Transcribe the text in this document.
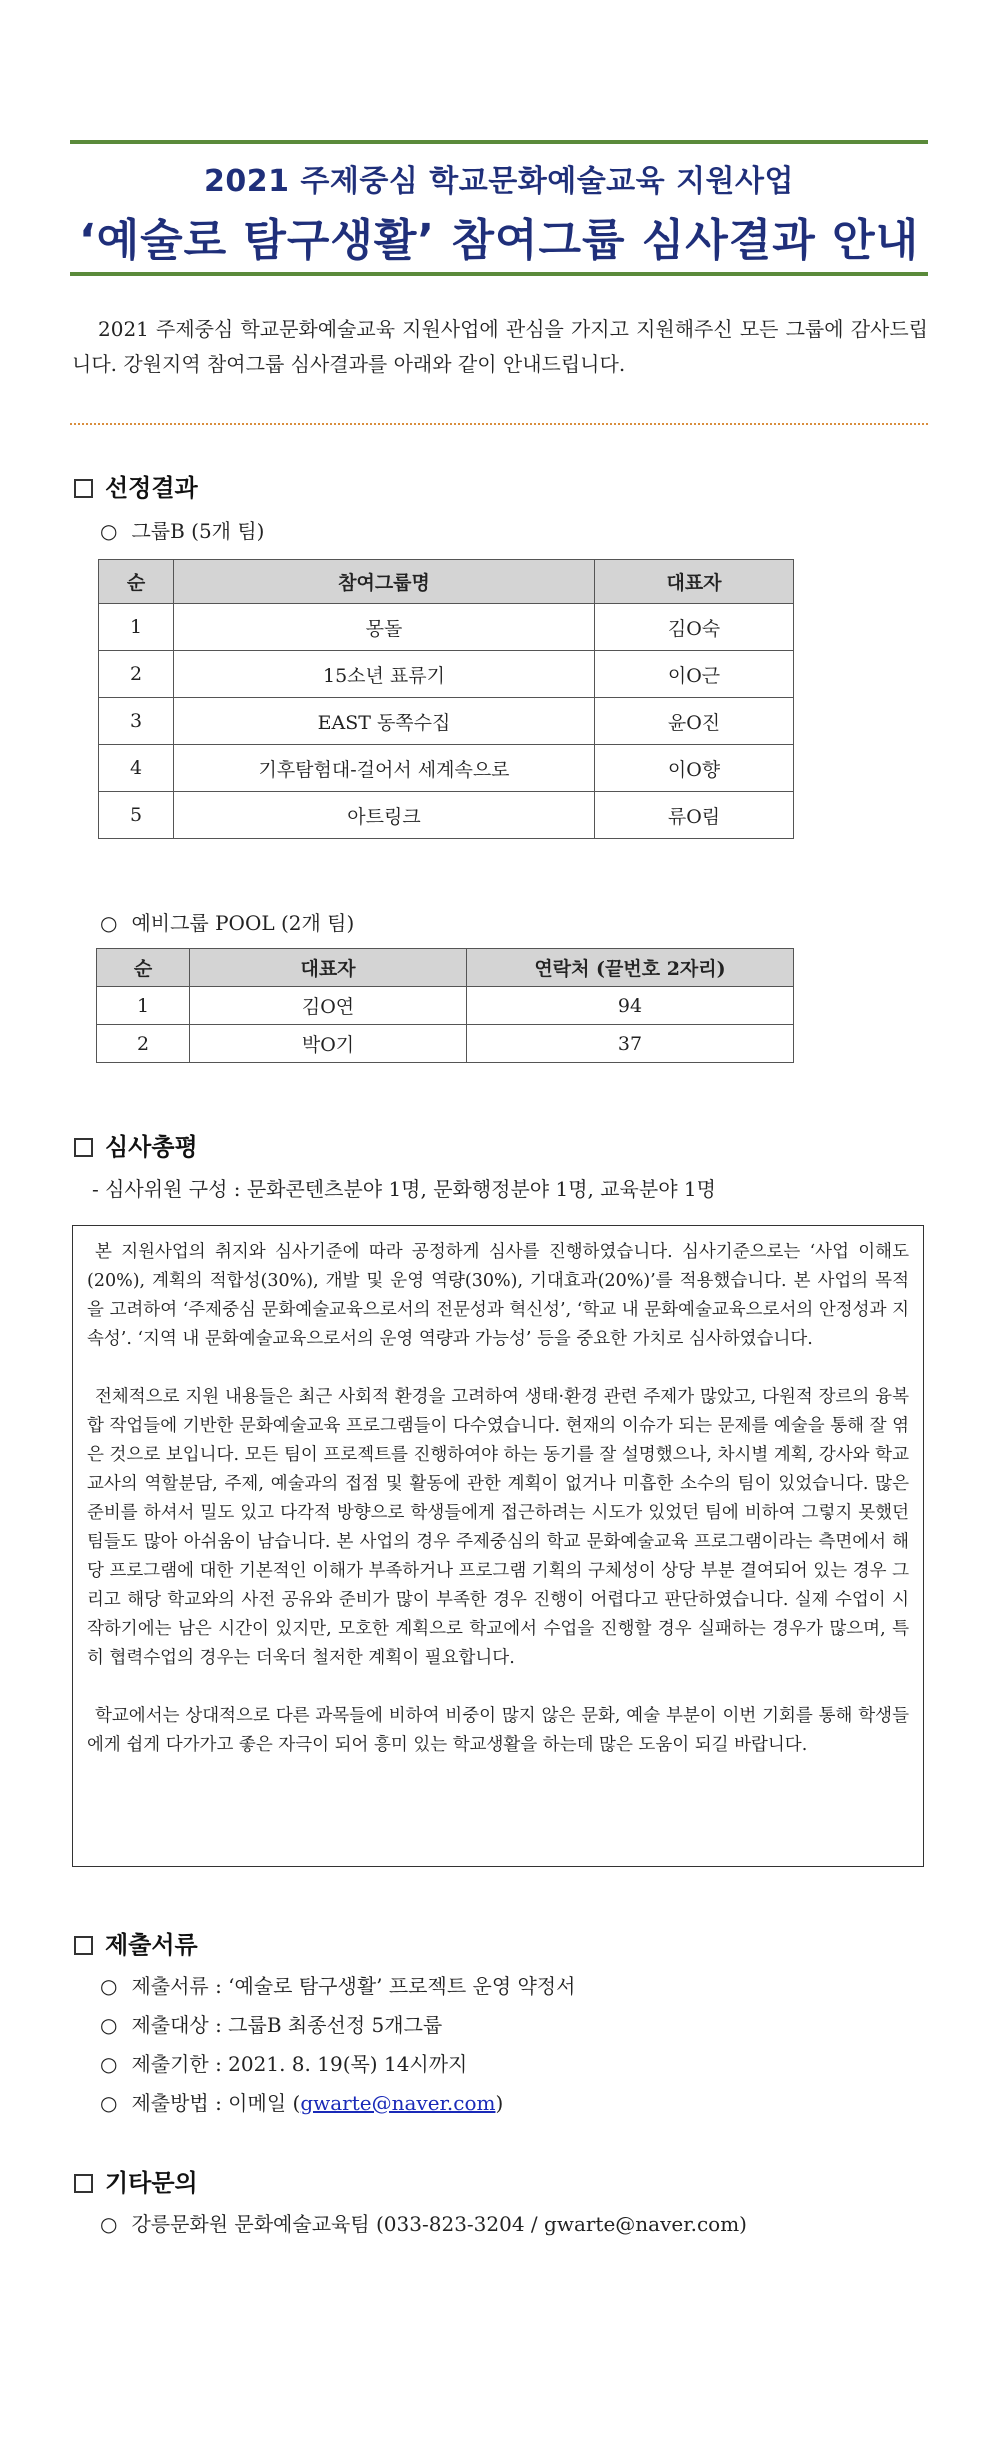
2021 주제중심 학교문화예술교육 지원사업
‘예술로 탐구생활’ 참여그룹 심사결과 안내
2021 주제중심 학교문화예술교육 지원사업에 관심을 가지고 지원해주신 모든 그룹에 감사드립니다. 강원지역 참여그룹 심사결과를 아래와 같이 안내드립니다.
선정결과
○ 그룹B (5개 팀)
순	참여그룹명	대표자
1	몽돌	김O숙
2	15소년 표류기	이O근
3	EAST 동쪽수집	윤O진
4	기후탐험대-걸어서 세계속으로	이O향
5	아트링크	류O림
○ 예비그룹 POOL (2개 팀)
순	대표자	연락처 (끝번호 2자리)
1	김O연	94
2	박O기	37
심사총평
- 심사위원 구성 : 문화콘텐츠분야 1명, 문화행정분야 1명, 교육분야 1명

본 지원사업의 취지와 심사기준에 따라 공정하게 심사를 진행하였습니다. 심사기준으로는 ‘사업 이해도(20%), 계획의 적합성(30%), 개발 및 운영 역량(30%), 기대효과(20%)’를 적용했습니다. 본 사업의 목적을 고려하여 ‘주제중심 문화예술교육으로서의 전문성과 혁신성’, ‘학교 내 문화예술교육으로서의 안정성과 지속성’. ‘지역 내 문화예술교육으로서의 운영 역량과 가능성’ 등을 중요한 가치로 심사하였습니다.

전체적으로 지원 내용들은 최근 사회적 환경을 고려하여 생태·환경 관련 주제가 많았고, 다원적 장르의 융복합 작업들에 기반한 문화예술교육 프로그램들이 다수였습니다. 현재의 이슈가 되는 문제를 예술을 통해 잘 엮은 것으로 보입니다. 모든 팀이 프로젝트를 진행하여야 하는 동기를 잘 설명했으나, 차시별 계획, 강사와 학교 교사의 역할분담, 주제, 예술과의 접점 및 활동에 관한 계획이 없거나 미흡한 소수의 팀이 있었습니다. 많은 준비를 하셔서 밀도 있고 다각적 방향으로 학생들에게 접근하려는 시도가 있었던 팀에 비하여 그렇지 못했던 팀들도 많아 아쉬움이 남습니다. 본 사업의 경우 주제중심의 학교 문화예술교육 프로그램이라는 측면에서 해당 프로그램에 대한 기본적인 이해가 부족하거나 프로그램 기획의 구체성이 상당 부분 결여되어 있는 경우 그리고 해당 학교와의 사전 공유와 준비가 많이 부족한 경우 진행이 어렵다고 판단하였습니다. 실제 수업이 시작하기에는 남은 시간이 있지만, 모호한 계획으로 학교에서 수업을 진행할 경우 실패하는 경우가 많으며, 특히 협력수업의 경우는 더욱더 철저한 계획이 필요합니다.

학교에서는 상대적으로 다른 과목들에 비하여 비중이 많지 않은 문화, 예술 부분이 이번 기회를 통해 학생들에게 쉽게 다가가고 좋은 자극이 되어 흥미 있는 학교생활을 하는데 많은 도움이 되길 바랍니다.

제출서류
○ 제출서류 : ‘예술로 탐구생활’ 프로젝트 운영 약정서
○ 제출대상 : 그룹B 최종선정 5개그룹
○ 제출기한 : 2021. 8. 19(목) 14시까지
○ 제출방법 : 이메일 (gwarte@naver.com)
기타문의
○ 강릉문화원 문화예술교육팀 (033-823-3204 / gwarte@naver.com)
